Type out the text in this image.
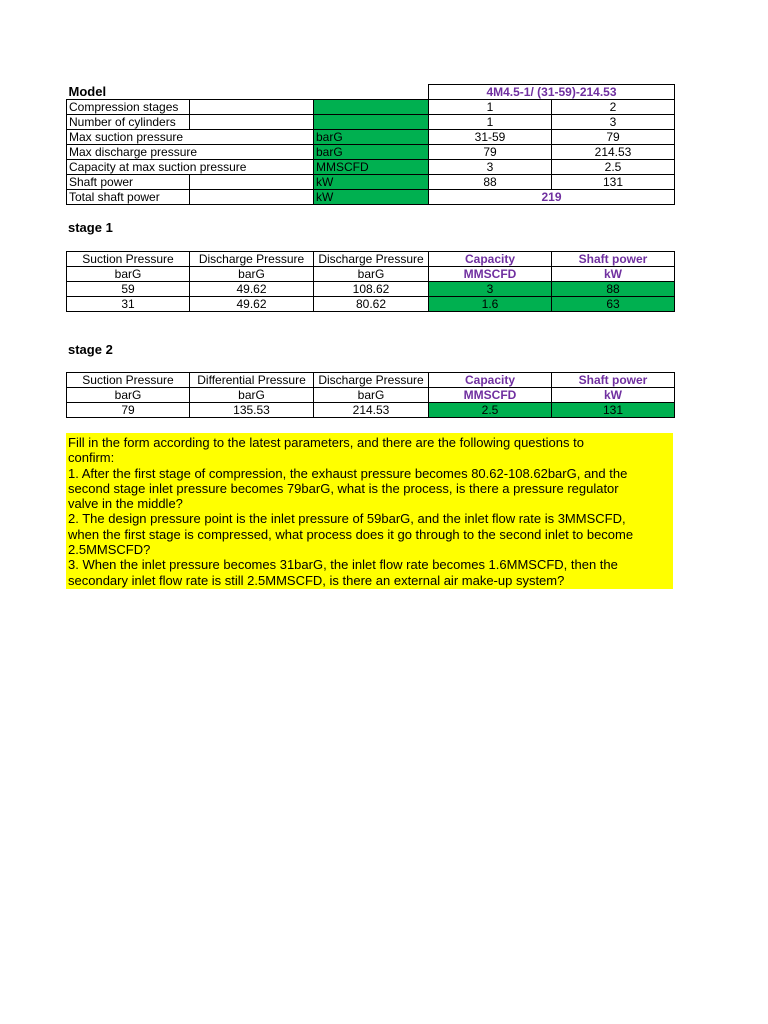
Model			4M4.5-1/ (31-59)-214.53	
Compression stages			1	2
Number of cylinders			1	3
Max suction pressure		barG	31-59	79
Max discharge pressure		barG	79	214.53
Capacity at max suction pressure		MMSCFD	3	2.5
Shaft power		kW	88	131
Total shaft power		kW	219	
stage 1
Suction Pressure	Discharge Pressure	Discharge Pressure	Capacity	Shaft power
barG	barG	barG	MMSCFD	kW
59	49.62	108.62	3	88
31	49.62	80.62	1.6	63
stage 2
Suction Pressure	Differential Pressure	Discharge Pressure	Capacity	Shaft power
barG	barG	barG	MMSCFD	kW
79	135.53	214.53	2.5	131

Fill in the form according to the latest parameters, and there are the following questions to

confirm:

1. After the first stage of compression, the exhaust pressure becomes 80.62-108.62barG, and the

second stage inlet pressure becomes 79barG, what is the process, is there a pressure regulator

valve in the middle?

2. The design pressure point is the inlet pressure of 59barG, and the inlet flow rate is 3MMSCFD,

when the first stage is compressed, what process does it go through to the second inlet to become

2.5MMSCFD?

3. When the inlet pressure becomes 31barG, the inlet flow rate becomes 1.6MMSCFD, then the

secondary inlet flow rate is still 2.5MMSCFD, is there an external air make-up system?
